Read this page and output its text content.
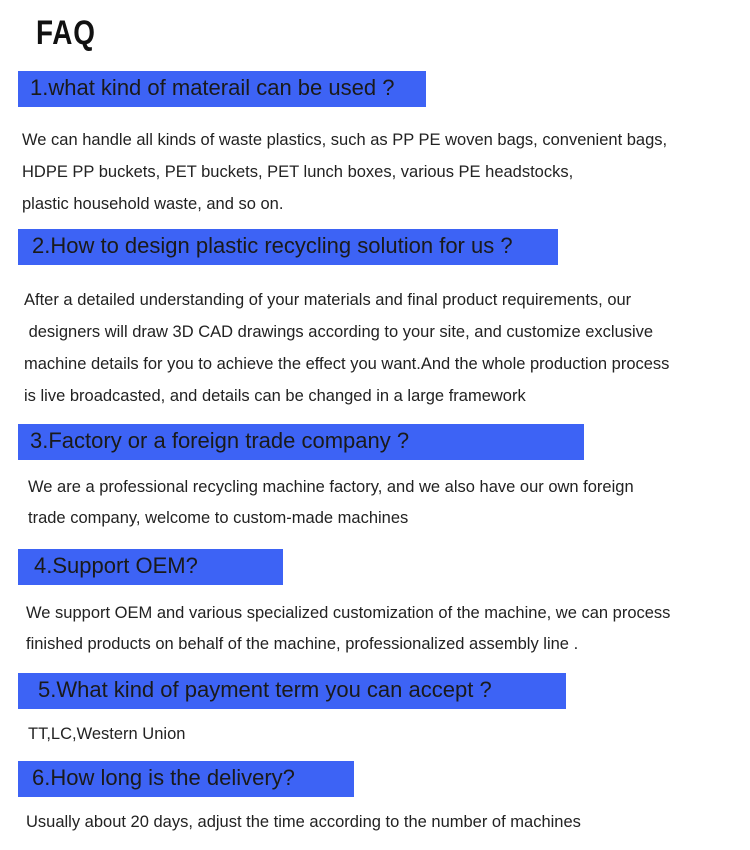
FAQ
1.what kind of materail can be used ?
We can handle all kinds of waste plastics, such as PP PE woven bags, convenient bags,
HDPE PP buckets, PET buckets, PET lunch boxes, various PE headstocks,
plastic household waste, and so on.
2.How to design plastic recycling solution for us ?
After a detailed understanding of your materials and final product requirements, our
designers will draw 3D CAD drawings according to your site, and customize exclusive
machine details for you to achieve the effect you want.And the whole production process
is live broadcasted, and details can be changed in a large framework
3.Factory or a foreign trade company ?
We are a professional recycling machine factory, and we also have our own foreign
trade company, welcome to custom-made machines
4.Support OEM?
We support OEM and various specialized customization of the machine, we can process
finished products on behalf of the machine, professionalized assembly line .
5.What kind of payment term you can accept ?
TT,LC,Western Union
6.How long is the delivery?
Usually about 20 days, adjust the time according to the number of machines
